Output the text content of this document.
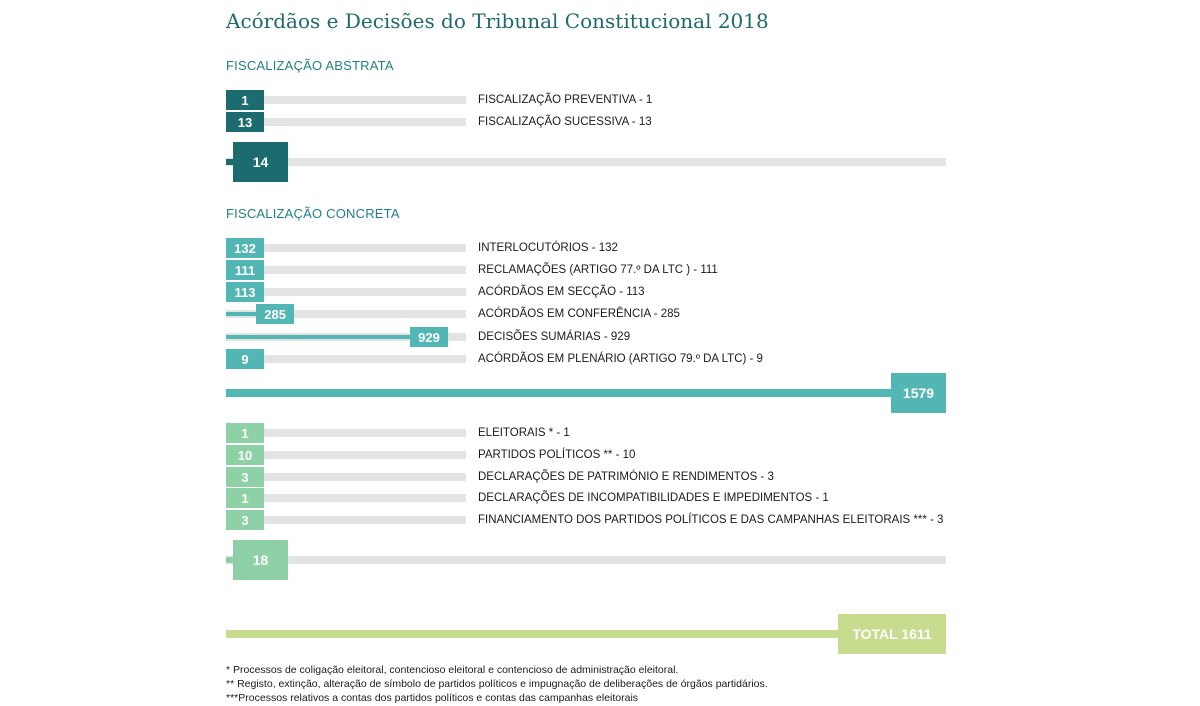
Acórdãos e Decisões do Tribunal Constitucional 2018
FISCALIZAÇÃO ABSTRATA
FISCALIZAÇÃO CONCRETA
1	FISCALIZAÇÃO PREVENTIVA - 1
13	FISCALIZAÇÃO SUCESSIVA - 13
14
132	INTERLOCUTÓRIOS - 132
111	RECLAMAÇÕES (ARTIGO 77.º DA LTC ) - 111
113	ACÓRDÃOS EM SECÇÃO - 113
285	ACÓRDÃOS EM CONFERÊNCIA - 285
929	DECISÕES SUMÁRIAS - 929
9	ACÓRDÃOS EM PLENÁRIO (ARTIGO 79.º DA LTC) - 9
1579
1	ELEITORAIS * - 1
10	PARTIDOS POLÍTICOS ** - 10
3	DECLARAÇÕES DE PATRIMÓNIO E RENDIMENTOS - 3
1	DECLARAÇÕES DE INCOMPATIBILIDADES E IMPEDIMENTOS - 1
3	FINANCIAMENTO DOS PARTIDOS POLÍTICOS E DAS CAMPANHAS ELEITORAIS *** - 3
18
TOTAL 1611
* Processos de coligação eleitoral, contencioso eleitoral e contencioso de administração eleitoral.
** Registo, extinção, alteração de símbolo de partidos políticos e impugnação de deliberações de órgãos partidários.
***Processos relativos a contas dos partidos políticos e contas das campanhas eleitorais
